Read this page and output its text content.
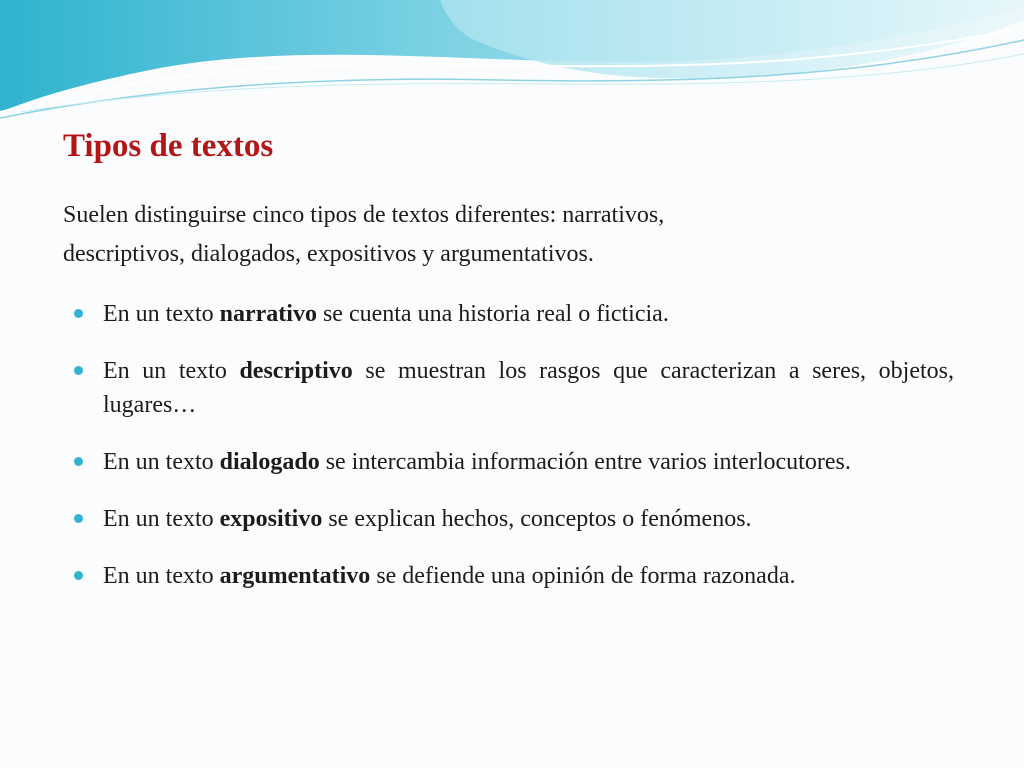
Tipos de textos

Suelen distinguirse cinco tipos de textos diferentes: narrativos,
descriptivos, dialogados, expositivos y argumentativos.

En un texto narrativo se cuenta una historia real o ficticia.
En un texto descriptivo se muestran los rasgos que caracterizan a seres, objetos, lugares…
En un texto dialogado se intercambia información entre varios interlocutores.
En un texto expositivo se explican hechos, conceptos o fenómenos.
En un texto argumentativo se defiende una opinión de forma razonada.
